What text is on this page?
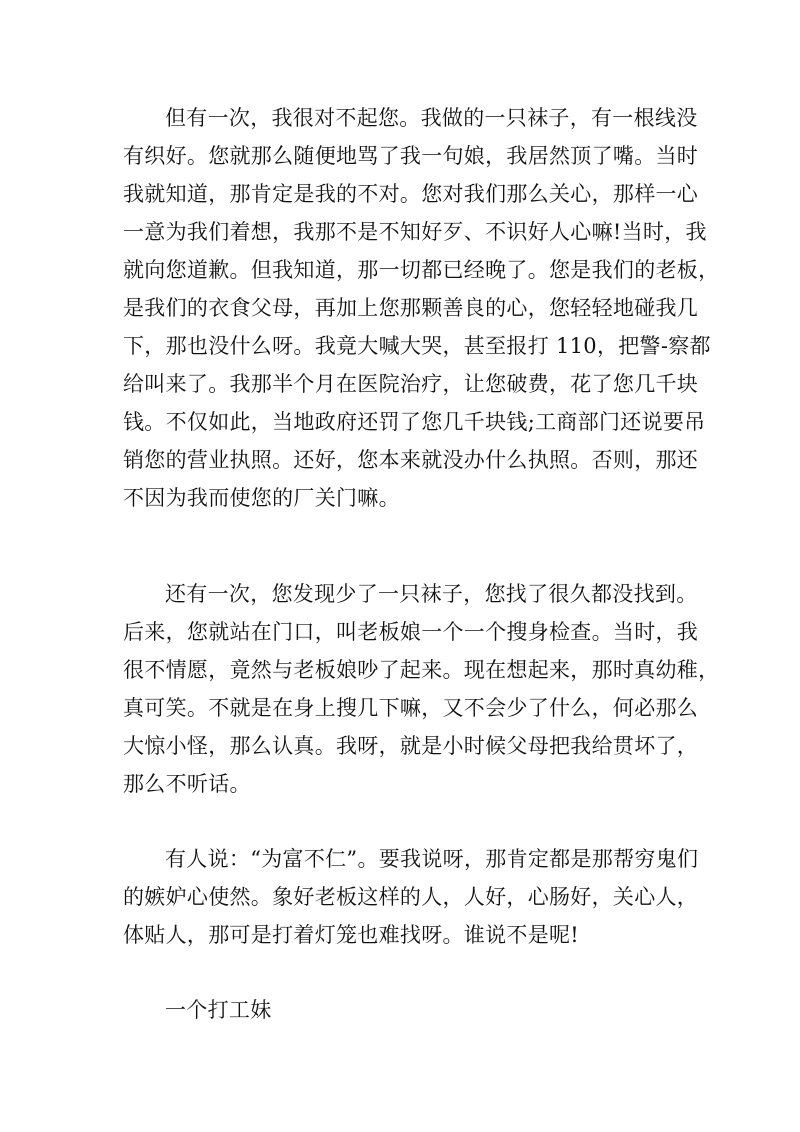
但有一次，我很对不起您。我做的一只袜子，有一根线没
有织好。您就那么随便地骂了我一句娘，我居然顶了嘴。当时
我就知道，那肯定是我的不对。您对我们那么关心，那样一心
一意为我们着想，我那不是不知好歹、不识好人心嘛!当时，我
就向您道歉。但我知道，那一切都已经晚了。您是我们的老板，
是我们的衣食父母，再加上您那颗善良的心，您轻轻地碰我几
下，那也没什么呀。我竟大喊大哭，甚至报打 110，把警-察都
给叫来了。我那半个月在医院治疗，让您破费，花了您几千块
钱。不仅如此，当地政府还罚了您几千块钱;工商部门还说要吊
销您的营业执照。还好，您本来就没办什么执照。否则，那还
不因为我而使您的厂关门嘛。
还有一次，您发现少了一只袜子，您找了很久都没找到。
后来，您就站在门口，叫老板娘一个一个搜身检查。当时，我
很不情愿，竟然与老板娘吵了起来。现在想起来，那时真幼稚，
真可笑。不就是在身上搜几下嘛，又不会少了什么，何必那么
大惊小怪，那么认真。我呀，就是小时候父母把我给贯坏了，
那么不听话。
有人说：“为富不仁”。要我说呀，那肯定都是那帮穷鬼们
的嫉妒心使然。象好老板这样的人，人好，心肠好，关心人，
体贴人，那可是打着灯笼也难找呀。谁说不是呢!
一个打工妹
